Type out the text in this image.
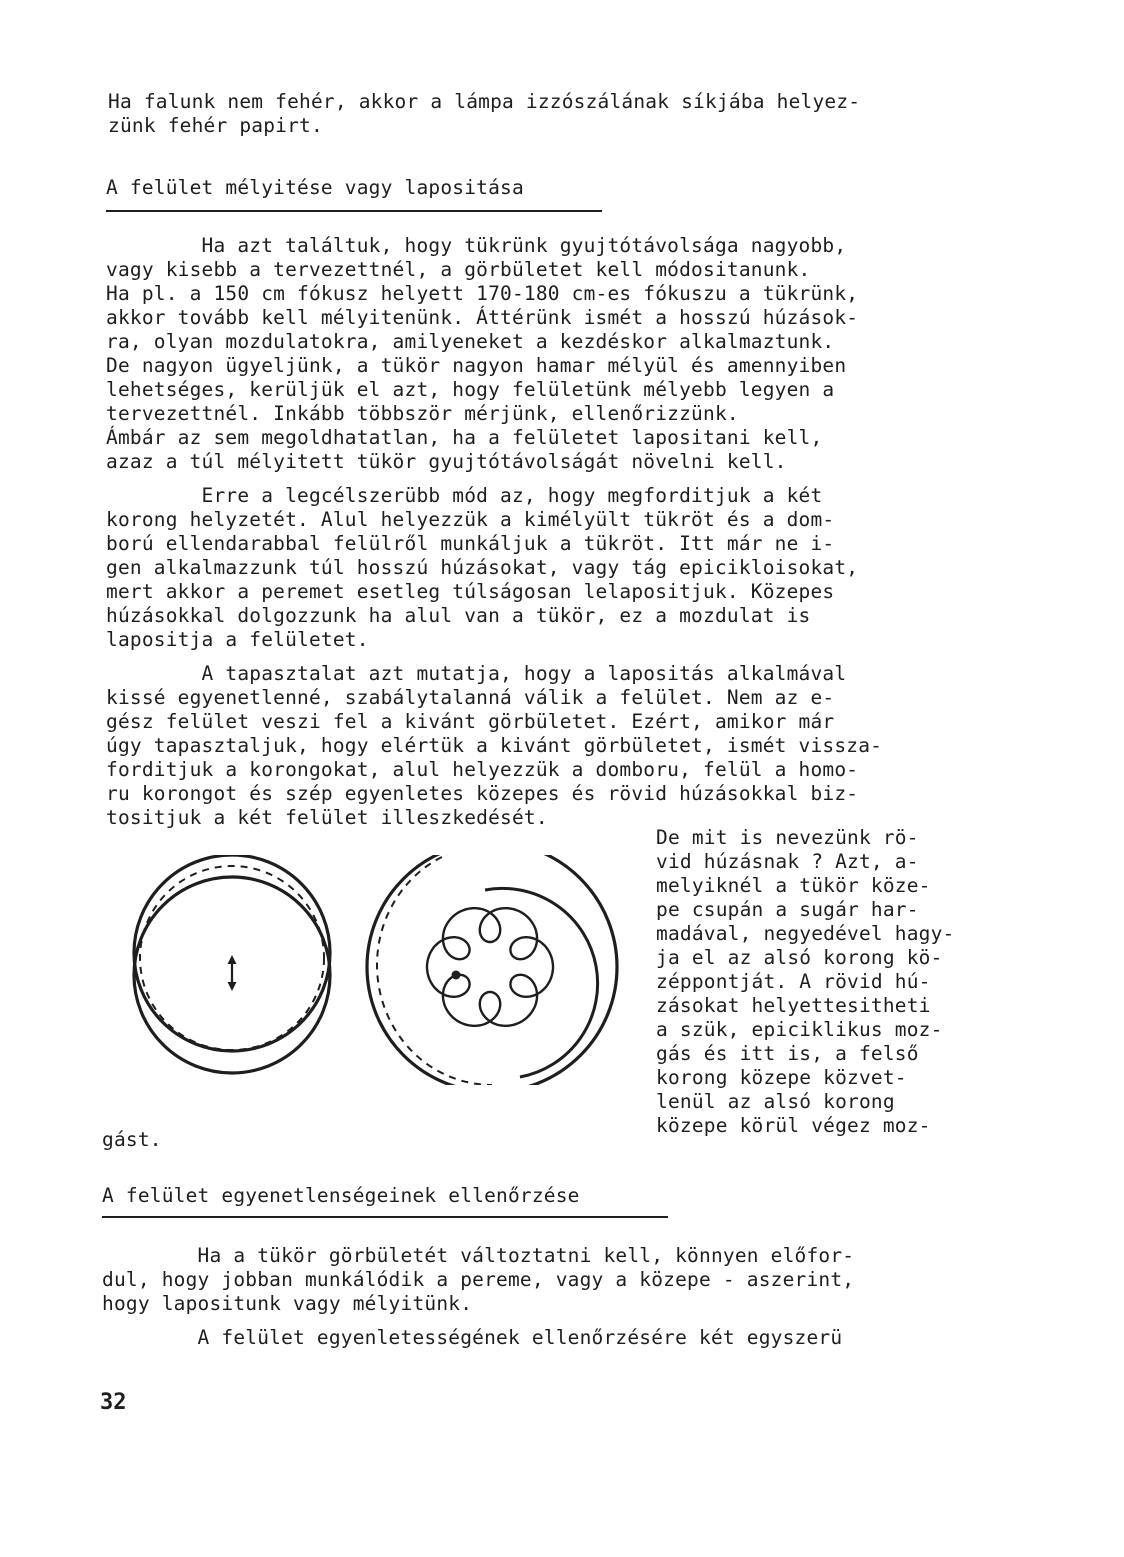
Ha falunk nem fehér, akkor a lámpa izzószálának síkjába helyez-
zünk fehér papirt.
A felület mélyitése vagy lapositása
Ha azt találtuk, hogy tükrünk gyujtótávolsága nagyobb,
vagy kisebb a tervezettnél, a görbületet kell módositanunk.
Ha pl. a 150 cm fókusz helyett 170-180 cm-es fókuszu a tükrünk,
akkor tovább kell mélyitenünk. Áttérünk ismét a hosszú húzások-
ra, olyan mozdulatokra, amilyeneket a kezdéskor alkalmaztunk.
De nagyon ügyeljünk, a tükör nagyon hamar mélyül és amennyiben
lehetséges, kerüljük el azt, hogy felületünk mélyebb legyen a
tervezettnél. Inkább többször mérjünk, ellenőrizzünk.
Ámbár az sem megoldhatatlan, ha a felületet lapositani kell,
azaz a túl mélyitett tükör gyujtótávolságát növelni kell.
Erre a legcélszerübb mód az, hogy megforditjuk a két
korong helyzetét. Alul helyezzük a kimélyült tükröt és a dom-
ború ellendarabbal felülről munkáljuk a tükröt. Itt már ne i-
gen alkalmazzunk túl hosszú húzásokat, vagy tág epicikloisokat,
mert akkor a peremet esetleg túlságosan lelapositjuk. Közepes
húzásokkal dolgozzunk ha alul van a tükör, ez a mozdulat is
lapositja a felületet.
A tapasztalat azt mutatja, hogy a lapositás alkalmával
kissé egyenetlenné, szabálytalanná válik a felület. Nem az e-
gész felület veszi fel a kivánt görbületet. Ezért, amikor már
úgy tapasztaljuk, hogy elértük a kivánt görbületet, ismét vissza-
forditjuk a korongokat, alul helyezzük a domboru, felül a homo-
ru korongot és szép egyenletes közepes és rövid húzásokkal biz-
tositjuk a két felület illeszkedését.
De mit is nevezünk rö-
vid húzásnak ? Azt, a-
melyiknél a tükör köze-
pe csupán a sugár har-
madával, negyedével hagy-
ja el az alsó korong kö-
zéppontját. A rövid hú-
zásokat helyettesitheti
a szük, epiciklikus moz-
gás és itt is, a felső
korong közepe közvet-
lenül az alsó korong
közepe körül végez moz-
gást.
A felület egyenetlenségeinek ellenőrzése
Ha a tükör görbületét változtatni kell, könnyen előfor-
dul, hogy jobban munkálódik a pereme, vagy a közepe - aszerint,
hogy lapositunk vagy mélyitünk.
A felület egyenletességének ellenőrzésére két egyszerü
32
